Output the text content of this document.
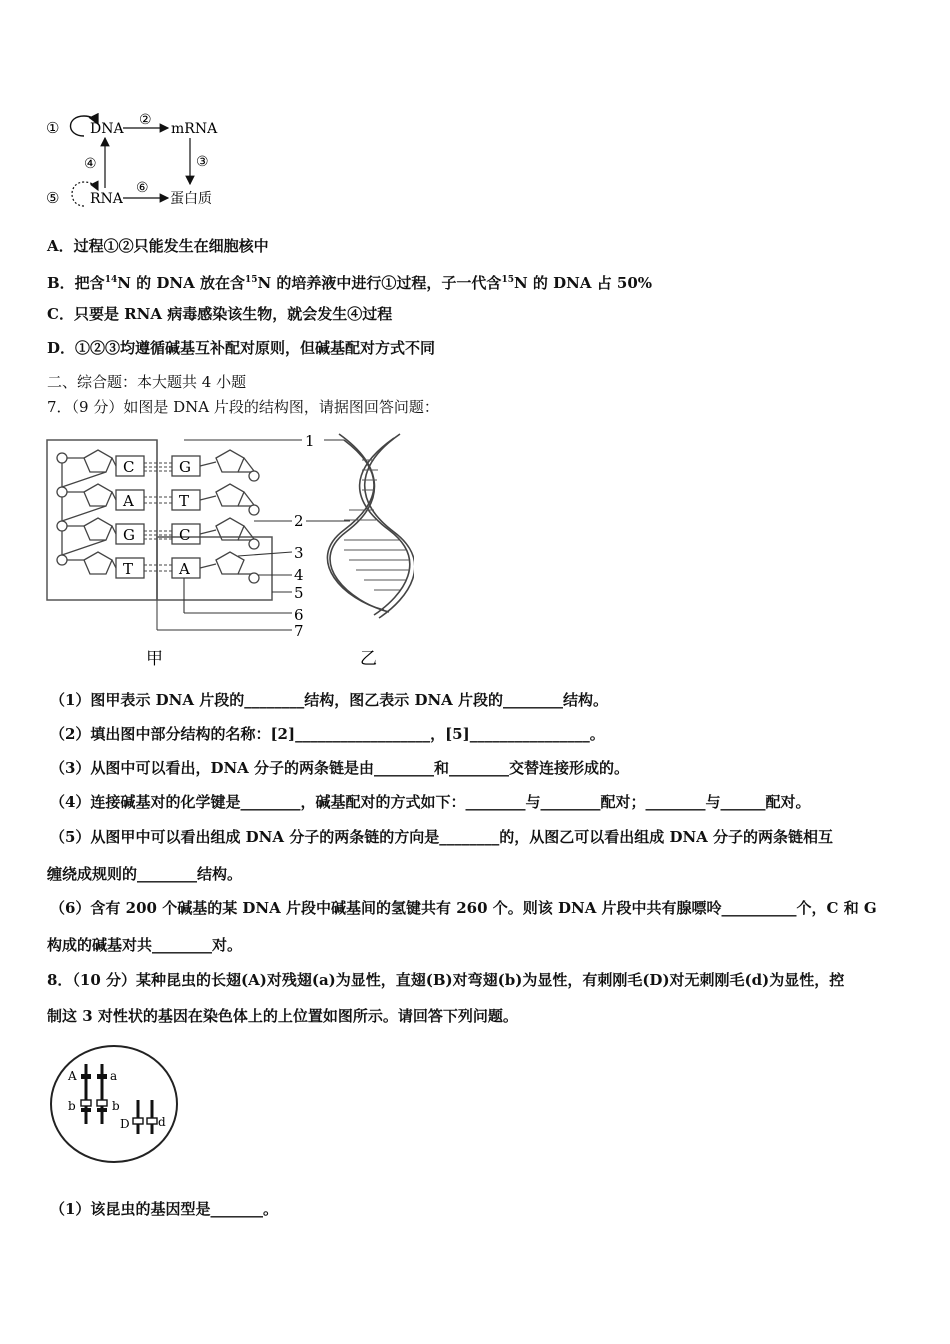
① DNA
②
mRNA
③
④
⑤ RNA
⑥
蛋白质
A．过程①②只能发生在细胞核中
B．把含$^{14}$N 的 DNA 放在含$^{15}$N 的培养液中进行①过程，子一代含$^{15}$N 的 DNA 占 50%
C．只要是 RNA 病毒感染该生物，就会发生④过程
D．①②③均遵循碱基互补配对原则，但碱基配对方式不同
二、综合题：本大题共 4 小题
7．（9 分）如图是 DNA 片段的结构图，请据图回答问题：
C
A
G
T
G
T
C
A
1
2
3
4
5
6
7
甲	乙
（1）图甲表示 DNA 片段的________结构，图乙表示 DNA 片段的________结构。
（2）填出图中部分结构的名称：[2]__________________，[5]________________。
（3）从图中可以看出，DNA 分子的两条链是由________和________交替连接形成的。
（4）连接碱基对的化学键是________，碱基配对的方式如下：________与________配对；________与______配对。
（5）从图甲中可以看出组成 DNA 分子的两条链的方向是________的，从图乙可以看出组成 DNA 分子的两条链相互
缠绕成规则的________结构。
（6）含有 200 个碱基的某 DNA 片段中碱基间的氢键共有 260 个。则该 DNA 片段中共有腺嘌呤__________个，C 和 G
构成的碱基对共________对。
8．（10 分）某种昆虫的长翅(A)对残翅(a)为显性，直翅(B)对弯翅(b)为显性，有刺刚毛(D)对无刺刚毛(d)为显性，控
制这 3 对性状的基因在染色体上的上位置如图所示。请回答下列问题。
A	a
b	b
D d
（1）该昆虫的基因型是_______。
